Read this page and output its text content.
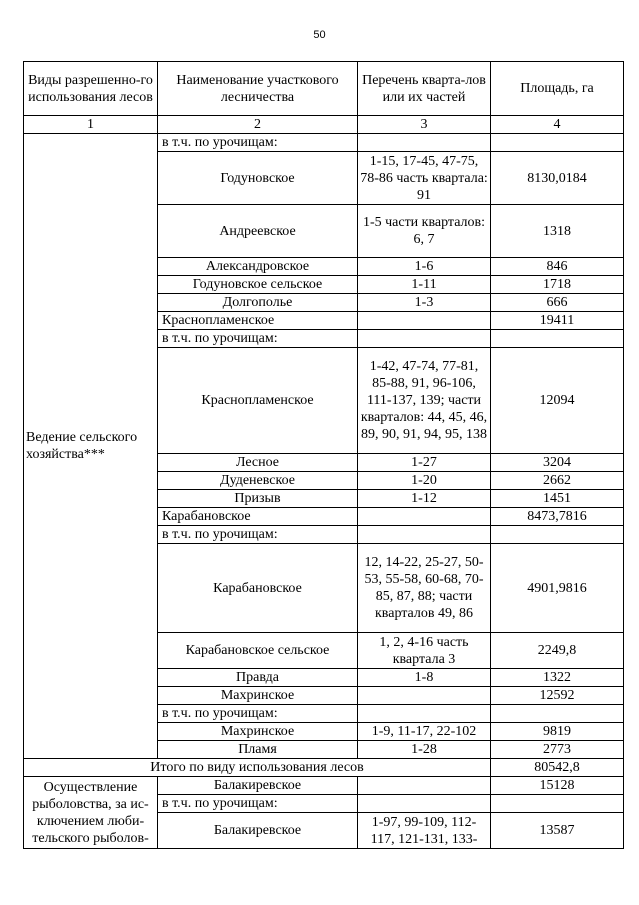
50
Виды разрешенно-го использования лесов	Наименование участкового лесничества	Перечень кварта-лов или их частей	Площадь, га
1	2	3	4
Ведение сельского хозяйства***	в т.ч. по урочищам:		
	Годуновское	1-15, 17-45, 47-75, 78-86 часть квартала: 91	8130,0184
	Андреевское	1-5 части кварталов: 6, 7	1318
	Александровское	1-6	846
	Годуновское сельское	1-11	1718
	Долгополье	1-3	666
	Краснопламенское		19411
	в т.ч. по урочищам:		
	Краснопламенское	1-42, 47-74, 77-81, 85-88, 91, 96-106, 111-137, 139; части кварталов: 44, 45, 46, 89, 90, 91, 94, 95, 138	12094
	Лесное	1-27	3204
	Дуденевское	1-20	2662
	Призыв	1-12	1451
	Карабановское		8473,7816
	в т.ч. по урочищам:		
	Карабановское	12, 14-22, 25-27, 50-53, 55-58, 60-68, 70-85, 87, 88; части кварталов 49, 86	4901,9816
	Карабановское сельское	1, 2, 4-16 часть квартала 3	2249,8
	Правда	1-8	1322
	Махринское		12592
	в т.ч. по урочищам:		
	Махринское	1-9, 11-17, 22-102	9819
	Пламя	1-28	2773
Итого по виду использования лесов			80542,8
Осуществление рыболовства, за ис-ключением люби-тельского рыболов-	Балакиревское		15128
	в т.ч. по урочищам:		
	Балакиревское	1-97, 99-109, 112-117, 121-131, 133-	13587
